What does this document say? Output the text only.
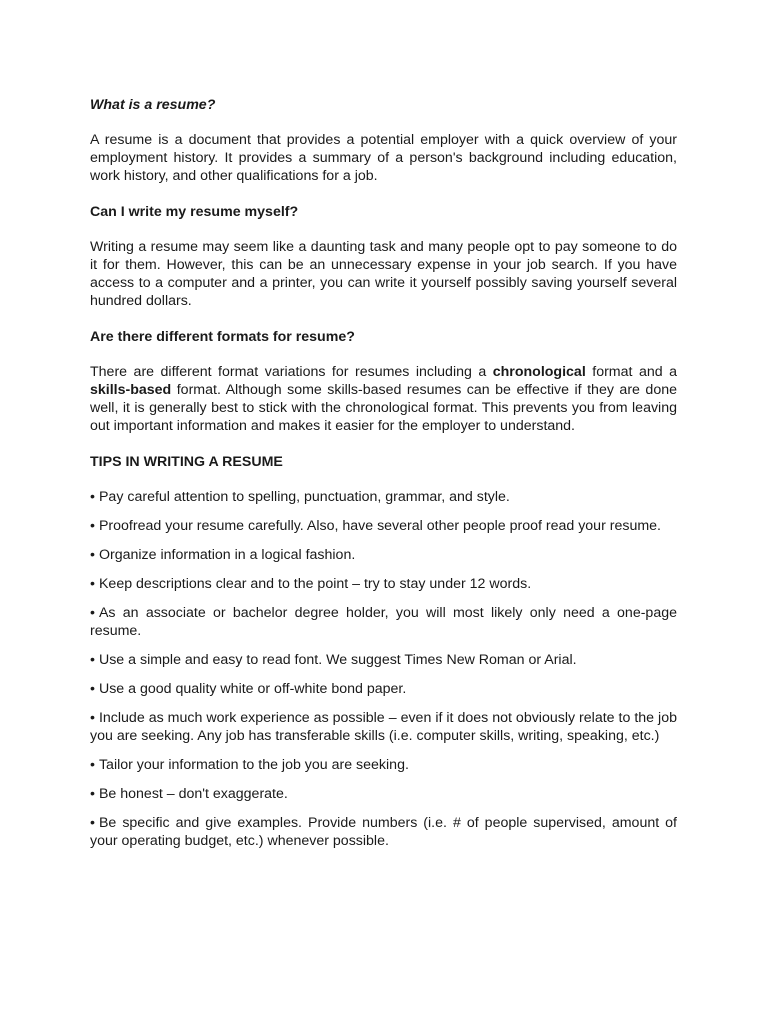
What is a resume?

A resume is a document that provides a potential employer with a quick overview of your employment history. It provides a summary of a person's background including education, work history, and other qualifications for a job.

Can I write my resume myself?

Writing a resume may seem like a daunting task and many people opt to pay someone to do it for them. However, this can be an unnecessary expense in your job search. If you have access to a computer and a printer, you can write it yourself possibly saving yourself several hundred dollars.

Are there different formats for resume?

There are different format variations for resumes including a chronological format and a skills-based format. Although some skills-based resumes can be effective if they are done well, it is generally best to stick with the chronological format. This prevents you from leaving out important information and makes it easier for the employer to understand.

TIPS IN WRITING A RESUME

• Pay careful attention to spelling, punctuation, grammar, and style.
• Proofread your resume carefully. Also, have several other people proof read your resume.
• Organize information in a logical fashion.
• Keep descriptions clear and to the point – try to stay under 12 words.
• As an associate or bachelor degree holder, you will most likely only need a one-page resume.
• Use a simple and easy to read font. We suggest Times New Roman or Arial.
• Use a good quality white or off-white bond paper.
• Include as much work experience as possible – even if it does not obviously relate to the job you are seeking. Any job has transferable skills (i.e. computer skills, writing, speaking, etc.)
• Tailor your information to the job you are seeking.
• Be honest – don't exaggerate.
• Be specific and give examples. Provide numbers (i.e. # of people supervised, amount of your operating budget, etc.) whenever possible.
